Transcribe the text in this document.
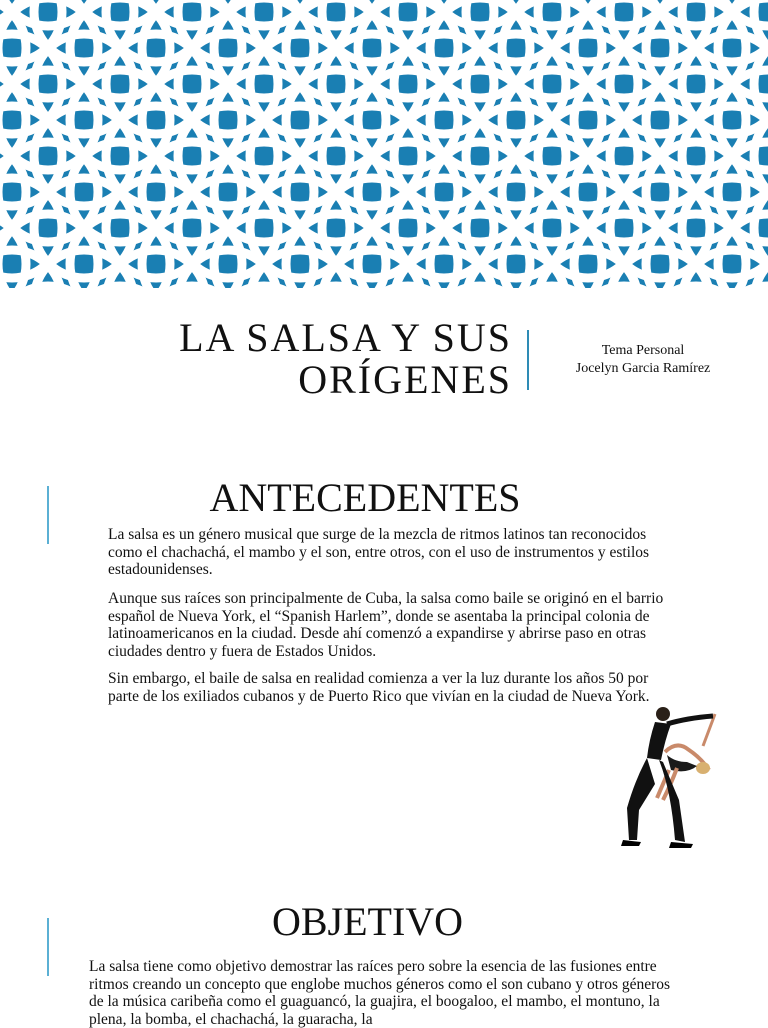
LA SALSA Y SUS
ORÍGENES
Tema Personal
Jocelyn Garcia Ramírez
ANTECEDENTES

La salsa es un género musical que surge de la mezcla de ritmos latinos tan reconocidos como el chachachá, el mambo y el son, entre otros, con el uso de instrumentos y estilos estadounidenses.

Aunque sus raíces son principalmente de Cuba, la salsa como baile se originó en el barrio español de Nueva York, el “Spanish Harlem”, donde se asentaba la principal colonia de latinoamericanos en la ciudad. Desde ahí comenzó a expandirse y abrirse paso en otras ciudades dentro y fuera de Estados Unidos.

Sin embargo, el baile de salsa en realidad comienza a ver la luz durante los años 50 por parte de los exiliados cubanos y de Puerto Rico que vivían en la ciudad de Nueva York.

OBJETIVO

La salsa tiene como objetivo demostrar las raíces pero sobre la esencia de las fusiones entre ritmos creando un concepto que englobe muchos géneros como el son cubano y otros géneros de la música caribeña como el guaguancó, la guajira, el boogaloo, el mambo, el montuno, la plena, la bomba, el chachachá, la guaracha, la
